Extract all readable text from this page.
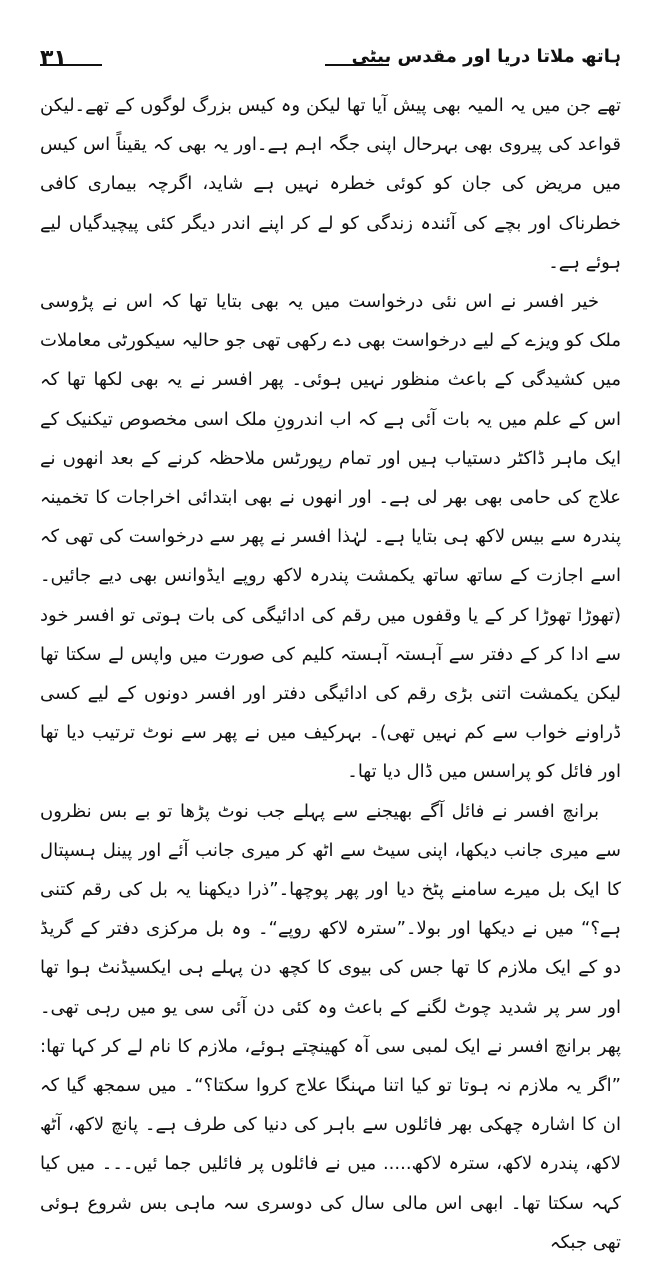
۳۱	ہاتھ ملاتا دریا اور مقدس بیٹی

تھے جن میں یہ المیہ بھی پیش آیا تھا لیکن وہ کیس بزرگ لوگوں کے تھے۔لیکن قواعد کی پیروی بھی بہرحال اپنی جگہ اہم ہے۔اور یہ بھی کہ یقیناً اس کیس میں مریض کی جان کو کوئی خطرہ نہیں ہے شاید، اگرچہ بیماری کافی خطرناک اور بچے کی آئندہ زندگی کو لے کر اپنے اندر دیگر کئی پیچیدگیاں لیے ہوئے ہے۔

خیر افسر نے اس نئی درخواست میں یہ بھی بتایا تھا کہ اس نے پڑوسی ملک کو ویزے کے لیے درخواست بھی دے رکھی تھی جو حالیہ سیکورٹی معاملات میں کشیدگی کے باعث منظور نہیں ہوئی۔ پھر افسر نے یہ بھی لکھا تھا کہ اس کے علم میں یہ بات آئی ہے کہ اب اندرونِ ملک اسی مخصوص تیکنیک کے ایک ماہر ڈاکٹر دستیاب ہیں اور تمام رپورٹس ملاحظہ کرنے کے بعد انھوں نے علاج کی حامی بھی بھر لی ہے۔ اور انھوں نے بھی ابتدائی اخراجات کا تخمینہ پندرہ سے بیس لاکھ ہی بتایا ہے۔ لہٰذا افسر نے پھر سے درخواست کی تھی کہ اسے اجازت کے ساتھ ساتھ یکمشت پندرہ لاکھ روپے ایڈوانس بھی دیے جائیں۔ (تھوڑا تھوڑا کر کے یا وقفوں میں رقم کی ادائیگی کی بات ہوتی تو افسر خود سے ادا کر کے دفتر سے آہستہ آہستہ کلیم کی صورت میں واپس لے سکتا تھا لیکن یکمشت اتنی بڑی رقم کی ادائیگی دفتر اور افسر دونوں کے لیے کسی ڈراونے خواب سے کم نہیں تھی)۔ بہرکیف میں نے پھر سے نوٹ ترتیب دیا تھا اور فائل کو پراسس میں ڈال دیا تھا۔

برانچ افسر نے فائل آگے بھیجنے سے پہلے جب نوٹ پڑھا تو بے بس نظروں سے میری جانب دیکھا، اپنی سیٹ سے اٹھ کر میری جانب آئے اور پینل ہسپتال کا ایک بل میرے سامنے پٹخ دیا اور پھر پوچھا۔”ذرا دیکھنا یہ بل کی رقم کتنی ہے؟“ میں نے دیکھا اور بولا۔”سترہ لاکھ روپے“۔ وہ بل مرکزی دفتر کے گریڈ دو کے ایک ملازم کا تھا جس کی بیوی کا کچھ دن پہلے ہی ایکسیڈنٹ ہوا تھا اور سر پر شدید چوٹ لگنے کے باعث وہ کئی دن آئی سی یو میں رہی تھی۔ پھر برانچ افسر نے ایک لمبی سی آہ کھینچتے ہوئے، ملازم کا نام لے کر کہا تھا: ”اگر یہ ملازم نہ ہوتا تو کیا اتنا مہنگا علاج کروا سکتا؟“۔ میں سمجھ گیا کہ ان کا اشارہ چھکی بھر فائلوں سے باہر کی دنیا کی طرف ہے۔ پانچ لاکھ، آٹھ لاکھ، پندرہ لاکھ، سترہ لاکھ..... میں نے فائلوں پر فائلیں جما ئیں۔۔۔ میں کیا کہہ سکتا تھا۔ ابھی اس مالی سال کی دوسری سہ ماہی بس شروع ہوئی تھی جبکہ
